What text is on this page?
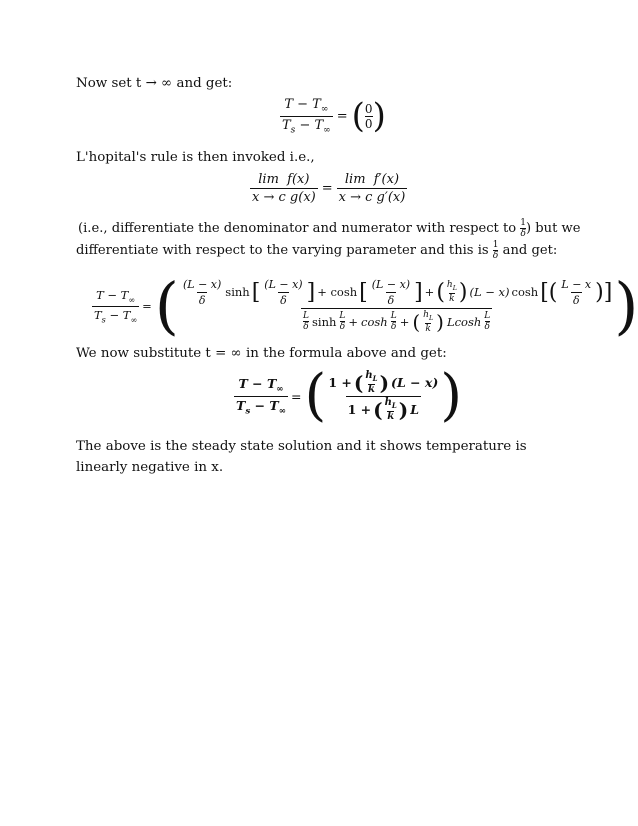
Now set t → ∞ and get:
$\frac{T - T_\infty}{T_s - T_\infty}$ = ( $\frac{0}{0}$ )
L'hopital's rule is then invoked i.e.,
$\frac{\text{lim f(x)}}{\text{x → c g(x)}} = \frac{\text{lim f′(x)}}{\text{x → c g′(x)}}$
(i.e., differentiate the denominator and numerator with respect to $\frac{1}{\delta}$ ) but we
differentiate with respect to the varying parameter and this is $\frac{1}{\delta}$ and get:
$\frac{T - T_\infty}{T_s - T_\infty}$ = ( $\frac{(L - x)}{\delta}$ sinh [ $\frac{(L - x)}{\delta}$ ] + cosh [ $\frac{(L - x)}{\delta}$ ] + ( $h_L$
k ) (L − x) cosh [( $\frac{L - x}{\delta}$ )]
L
δ sinh L
δ + cosh L
δ + ( $h_L$
k ) Lcosh L
δ )
We now substitute t = ∞ in the formula above and get:
$\frac{T - T_\infty}{T_s - T_\infty}$ = ( 1 + ( $h_L$
k ) (L − x)
1 + ( $h_L$
k ) L )
The above is the steady state solution and it shows temperature is linearly negative in x.
